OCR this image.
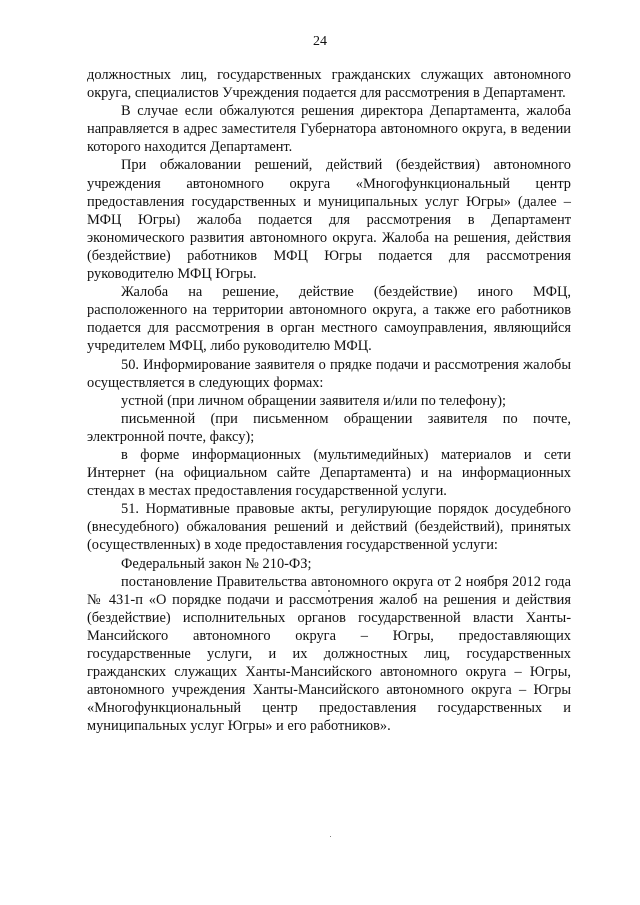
24

должностных лиц, государственных гражданских служащих автономного округа, специалистов Учреждения подается для рассмотрения в Департамент.

В случае если обжалуются решения директора Департамента, жалоба направляется в адрес заместителя Губернатора автономного округа, в ведении которого находится Департамент.

При обжаловании решений, действий (бездействия) автономного учреждения автономного округа «Многофункциональный центр предоставления государственных и муниципальных услуг Югры» (далее – МФЦ Югры) жалоба подается для рассмотрения в Департамент экономического развития автономного округа. Жалоба на решения, действия (бездействие) работников МФЦ Югры подается для рассмотрения руководителю МФЦ Югры.

Жалоба на решение, действие (бездействие) иного МФЦ, расположенного на территории автономного округа, а также его работников подается для рассмотрения в орган местного самоуправления, являющийся учредителем МФЦ, либо руководителю МФЦ.

50. Информирование заявителя о прядке подачи и рассмотрения жалобы осуществляется в следующих формах:

устной (при личном обращении заявителя и/или по телефону);

письменной (при письменном обращении заявителя по почте, электронной почте, факсу);

в форме информационных (мультимедийных) материалов и сети Интернет (на официальном сайте Департамента) и на информационных стендах в местах предоставления государственной услуги.

51. Нормативные правовые акты, регулирующие порядок досудебного (внесудебного) обжалования решений и действий (бездействий), принятых (осуществленных) в ходе предоставления государственной услуги:

Федеральный закон № 210-ФЗ;

постановление Правительства автономного округа от 2 ноября 2012 года № 431-п «О порядке подачи и рассмотрения жалоб на решения и действия (бездействие) исполнительных органов государственной власти Ханты-Мансийского автономного округа – Югры, предоставляющих государственные услуги, и их должностных лиц, государственных гражданских служащих Ханты-Мансийского автономного округа – Югры, автономного учреждения Ханты-Мансийского автономного округа – Югры «Многофункциональный центр предоставления государственных и муниципальных услуг Югры» и его работников».
